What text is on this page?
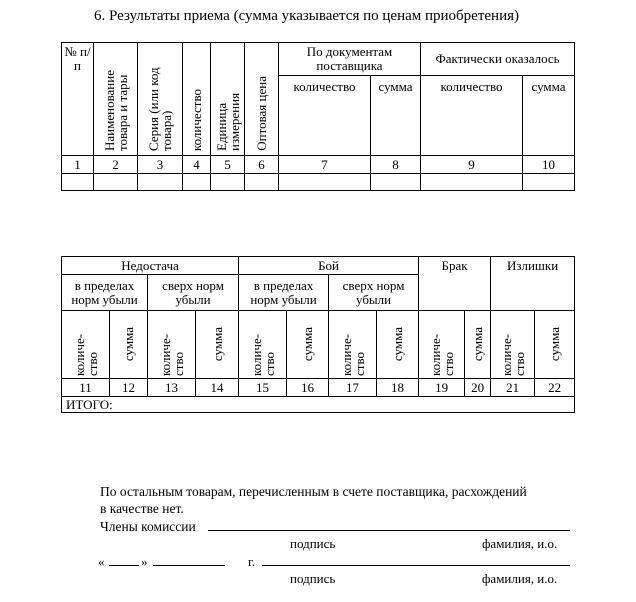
6. Результаты приема (сумма указывается по ценам приобретения)
№ п/п	Наименование товара и тары	Серия (или код товара)	количество	Единица измерения	Оптовая цена	По документам поставщика		Фактически оказалось	
						количество	сумма	количество	сумма
1	2	3	4	5	6	7	8	9	10

Недостача				Бой				Брак		Излишки	
в пределах норм убыли		сверх норм убыли		в пределах норм убыли		сверх норм убыли					

количе-ство	сумма	количе-ство	сумма	количе-ство	сумма	количе-ство	сумма	количе-ство	сумма	количе-ство	сумма

11	12	13	14	15	16	17	18	19	20	21	22
ИТОГО:											
По остальным товарам, перечисленным в счете поставщика, расхождений
в качестве нет.
Члены комиссии
подпись	фамилия, и.о.
«	»	г.
подпись	фамилия, и.о.
